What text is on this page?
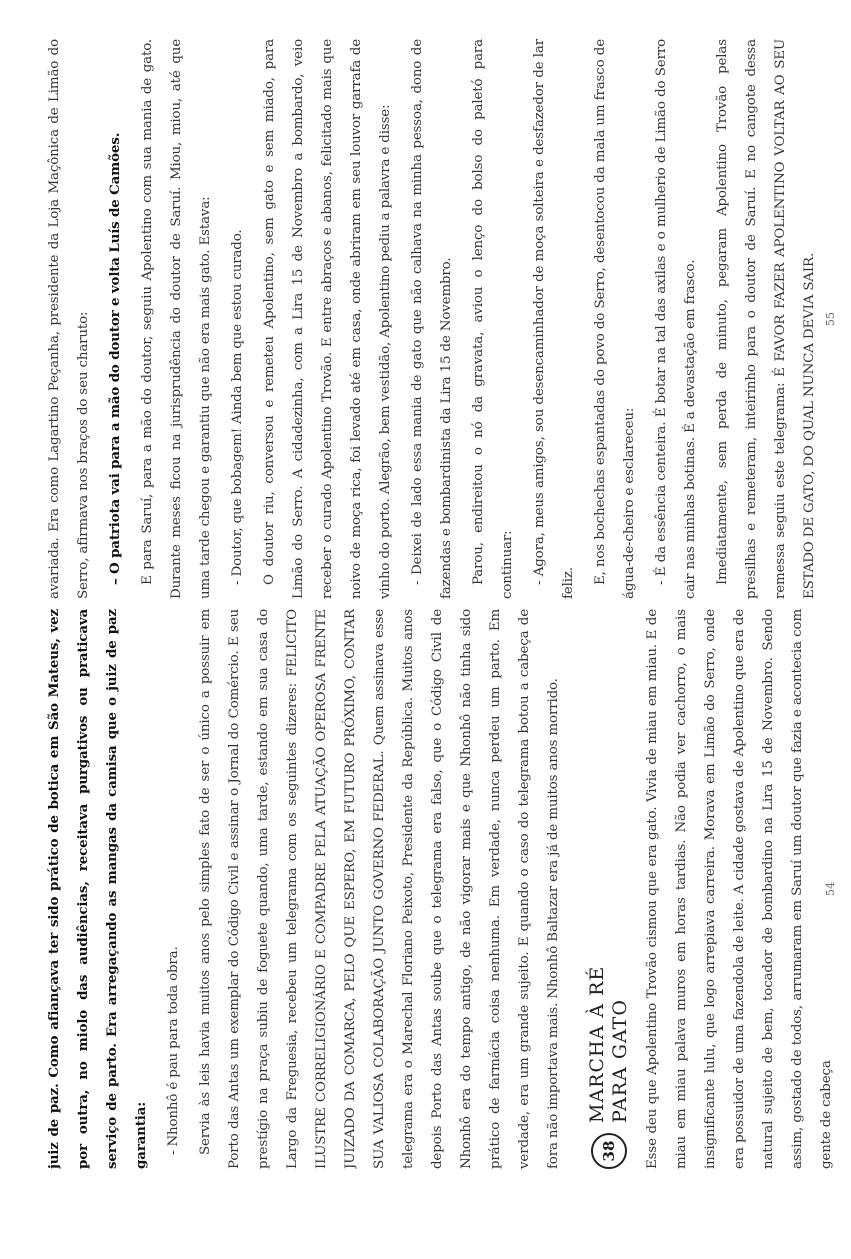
juiz de paz. Como afiançava ter sido prático de botica em São Mateus, vez por outra, no miolo das audiências, receitava purgativos ou praticava serviço de parto. Era arregaçando as mangas da camisa que o juiz de paz garantia:	- Nhonhô é pau para toda obra.	Servia às leis havia muitos anos pelo simples fato de ser o único a possuir em Porto das Antas um exemplar do Código Civil e assinar o Jornal do Comércio. E seu prestígio na praça subiu de foguete quando, uma tarde, estando em sua casa do Largo da Freguesia, recebeu um telegrama com os seguintes dizeres: FELICITO ILUSTRE CORRELIGIONÁRIO E COMPADRE PELA ATUAÇÃO OPEROSA FRENTE JUIZADO DA COMARCA, PELO QUE ESPERO, EM FUTURO PRÓXIMO, CONTAR SUA VALIOSA COLABORAÇÃO JUNTO GOVERNO FEDERAL. Quem assinava esse telegrama era o Marechal Floriano Peixoto, Presidente da República. Muitos anos depois Porto das Antas soube que o telegrama era falso, que o Código Civil de Nhonhô era do tempo antigo, de não vigorar mais e que Nhonhô não tinha sido prático de farmácia coisa nenhuma. Em verdade, nunca perdeu um parto. Em verdade, era um grande sujeito. E quando o caso do telegrama botou a cabeça de fora não importava mais. Nhonhô Baltazar era já de muitos anos morrido.	38
MARCHA À RÉ PARA GATO	Esse deu que Apolentino Trovão cismou que era gato. Vivia de miau em miau. E de miau em miau palava muros em horas tardias. Não podia ver cachorro, o mais insignificante lulu, que logo arrepiava carreira. Morava em Limão do Serro, onde era possuidor de uma fazendola de leite. A cidade gostava de Apolentino que era de natural sujeito de bem, tocador de bombardino na Lira 15 de Novembro. Sendo assim, gostado de todos, arrumaram em Saruí um doutor que fazia e acontecia com gente de cabeça

54

avariada. Era como Lagartino Peçanha, presidente da Loja Maçônica de Limão do Serro, afirmava nos braços do seu charuto:	– O patriota vai para a mão do doutor e volta Luís de Camões.	E para Saruí, para a mão do doutor, seguiu Apolentino com sua mania de gato. Durante meses ficou na jurisprudência do doutor de Saruí. Miou, miou, até que uma tarde chegou e garantiu que não era mais gato. Estava:	- Doutor, que bobagem! Ainda bem que estou curado.	O doutor riu, conversou e remeteu Apolentino, sem gato e sem miado, para Limão do Serro. A cidadezinha, com a Lira 15 de Novembro a bombardo, veio receber o curado Apolentino Trovão. E entre abraços e abanos, felicitado mais que noivo de moça rica, foi levado até em casa, onde abriram em seu louvor garrafa de vinho do porto. Alegrão, bem vestidão, Apolentino pediu a palavra e disse:	- Deixei de lado essa mania de gato que não calhava na minha pessoa, dono de fazendas e bombardinista da Lira 15 de Novembro.	Parou, endireitou o nó da gravata, aviou o lenço do bolso do paletó para continuar:	- Agora, meus amigos, sou desencaminhador de moça solteira e desfazedor de lar feliz.	E, nos bochechas espantadas do povo do Serro, desentocou da mala um frasco de água-de-cheiro e esclareceu:	- É da essência centeira. É botar na tal das axilas e o mulherio de Limão do Serro cair nas minhas botinas. É a devastação em frasco.	Imediatamente, sem perda de minuto, pegaram Apolentino Trovão pelas presilhas e remeteram, inteirinho para o doutor de Saruí. E no cangote dessa remessa seguiu este telegrama: É FAVOR FAZER APOLENTINO VOLTAR AO SEU ESTADO DE GATO, DO QUAL NUNCA DEVIA SAIR. 55
